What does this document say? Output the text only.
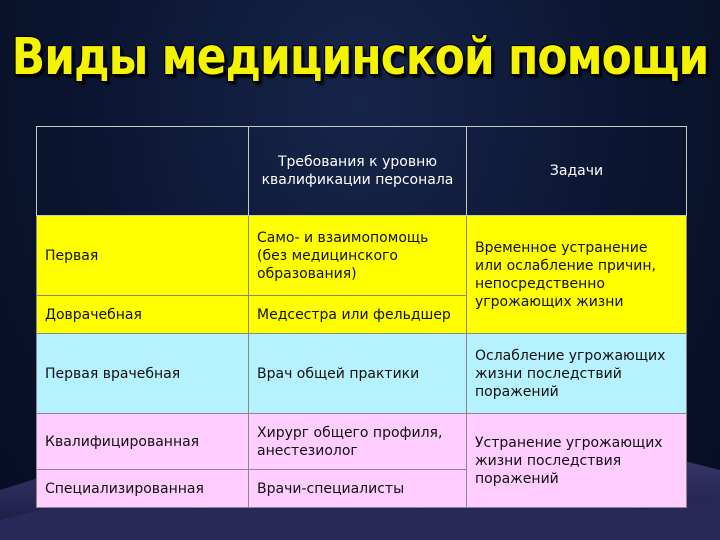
Виды медицинской помощи
	Требования к уровню квалификации персонала	Задачи
Первая	Само- и взаимопомощь (без медицинского образования)	Временное устранение или ослабление причин, непосредственно угрожающих жизни
Доврачебная	Медсестра или фельдшер	
Первая врачебная	Врач общей практики	Ослабление угрожающих жизни последствий поражений
Квалифицированная	Хирург общего профиля, анестезиолог	Устранение угрожающих жизни последствия поражений
Специализированная	Врачи-специалисты	
